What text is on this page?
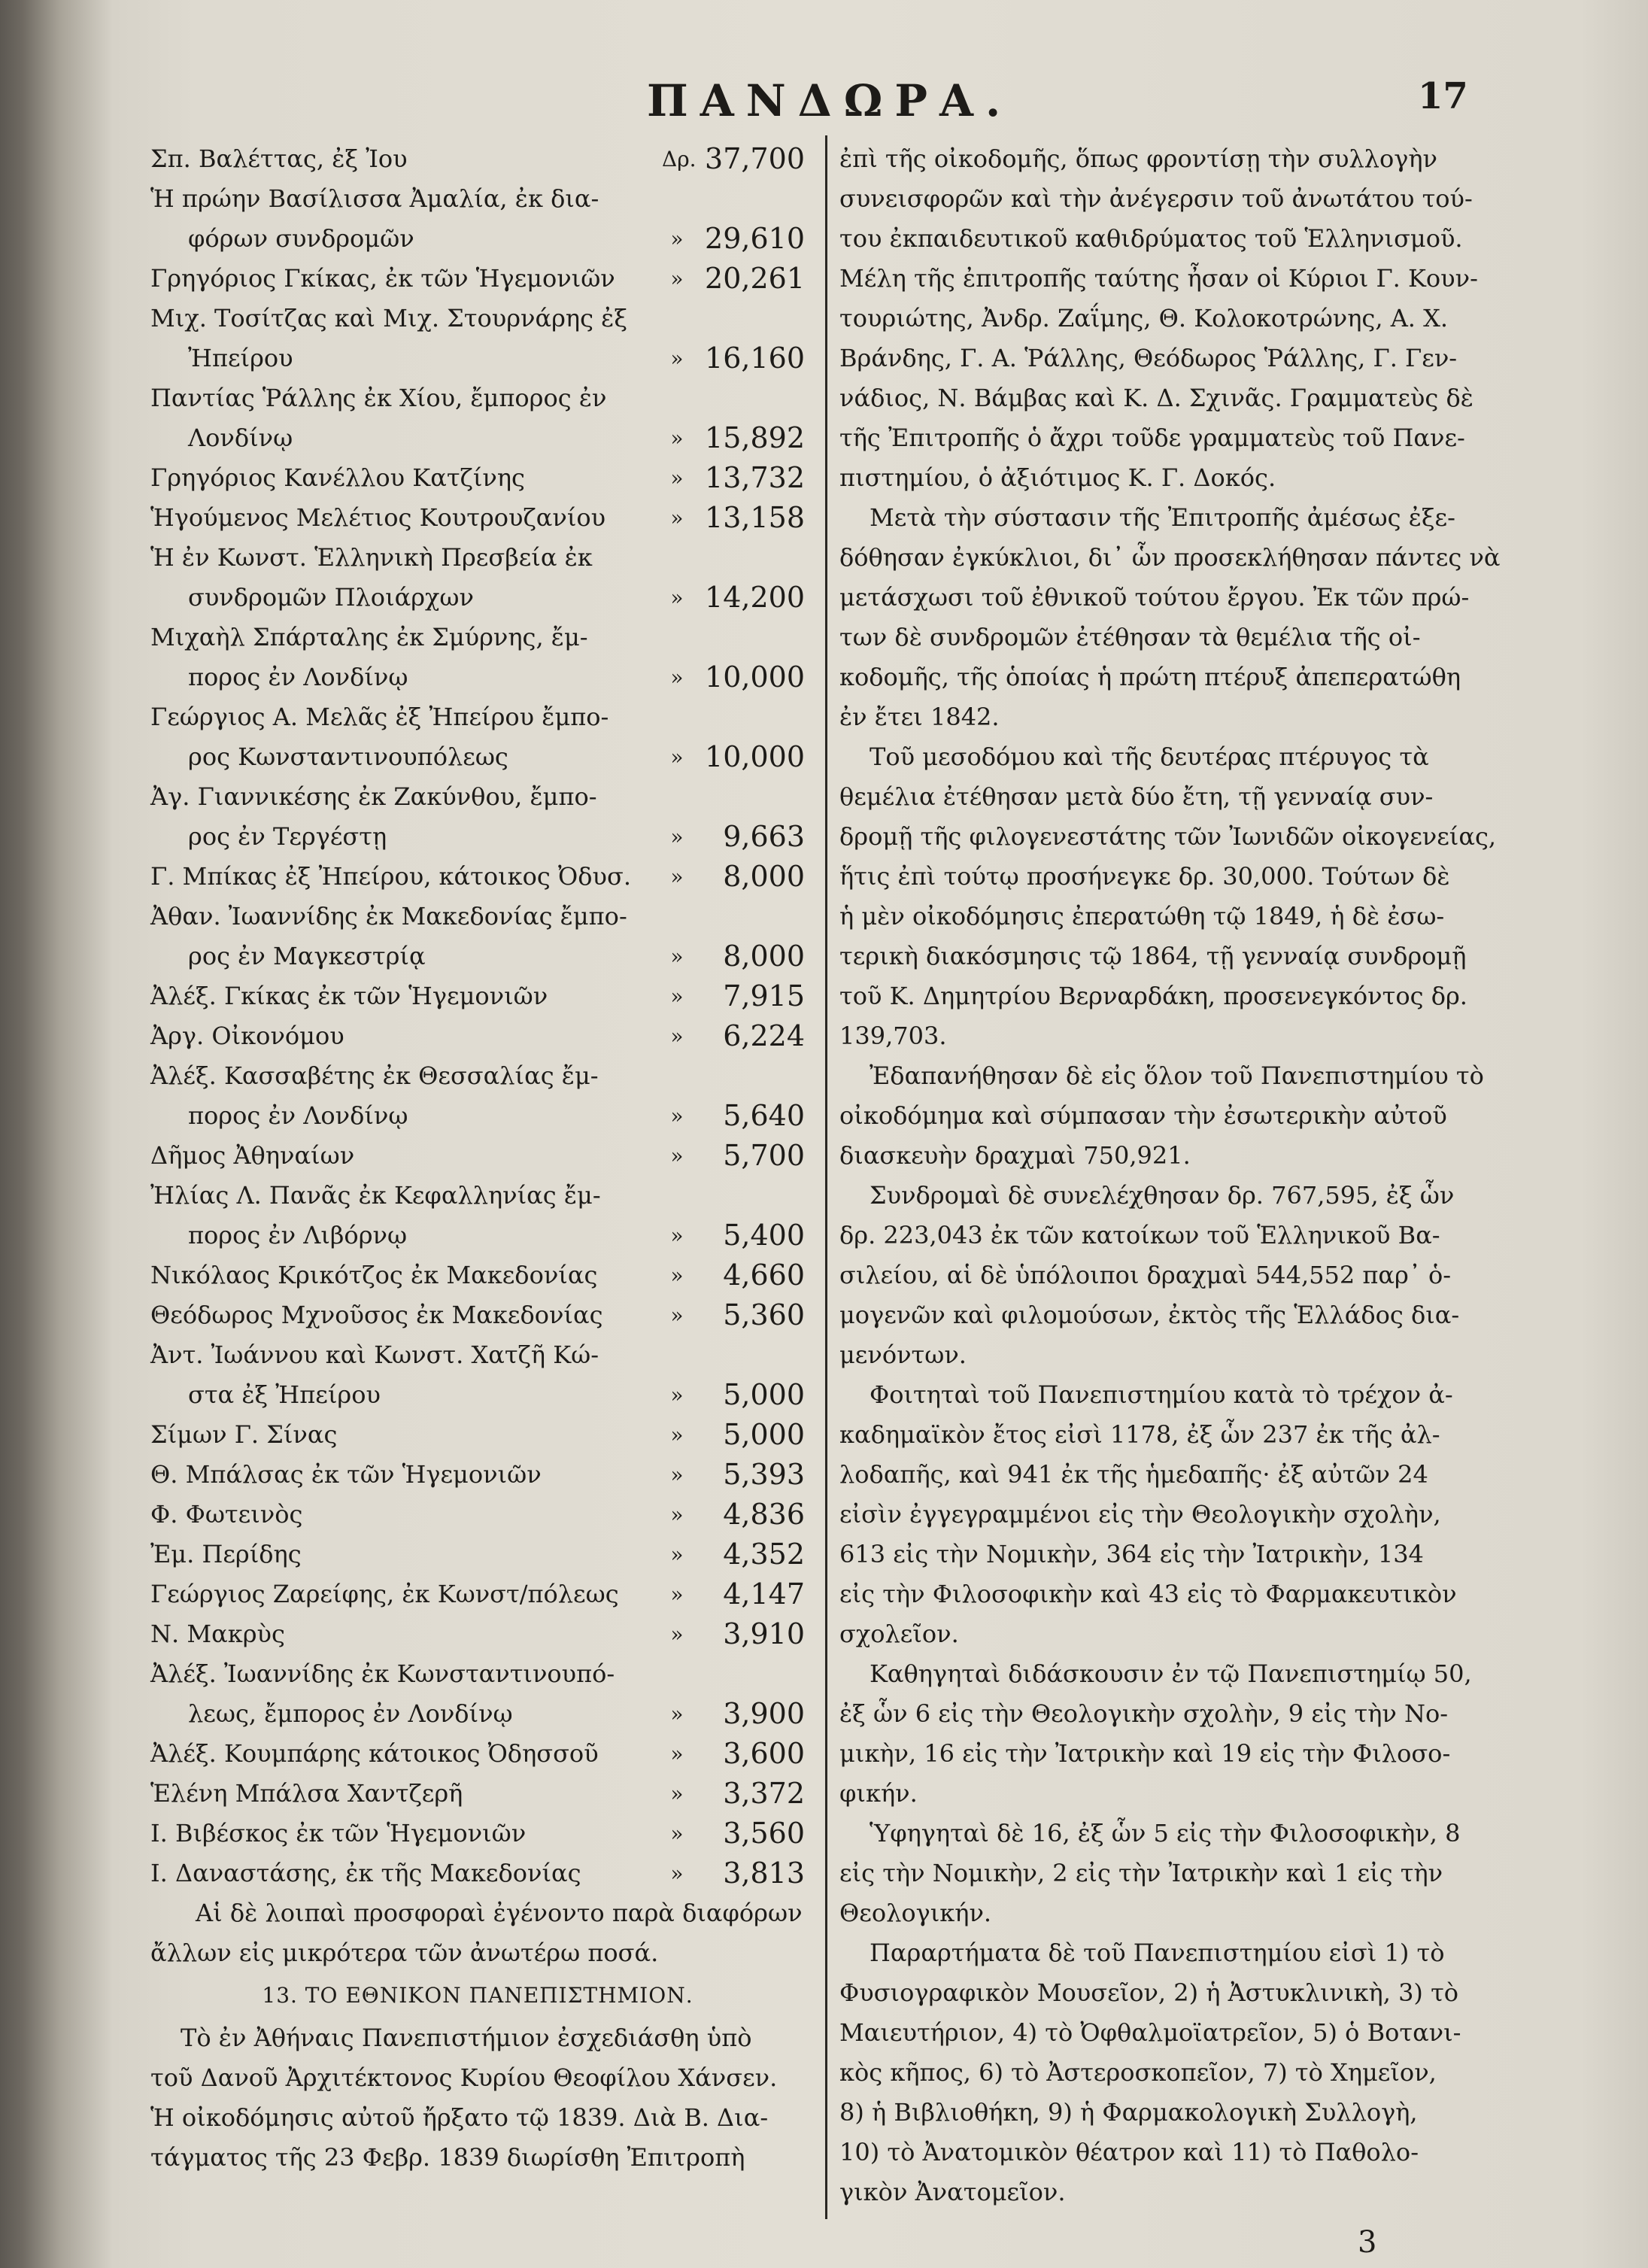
ΠΑΝΔΩΡΑ.	17
Σπ. Βαλέττας, ἐξ Ἰου	Δρ. 37,700
Ἡ πρώην Βασίλισσα Ἀμαλία, ἐκ δια-
φόρων συνδρομῶν	» 29,610
Γρηγόριος Γκίκας, ἐκ τῶν Ἡγεμονιῶν	» 20,261
Μιχ. Τοσίτζας καὶ Μιχ. Στουρνάρης ἐξ
Ἠπείρου	» 16,160
Παντίας Ῥάλλης ἐκ Χίου, ἔμπορος ἐν
Λονδίνῳ	» 15,892
Γρηγόριος Κανέλλου Κατζίνης	» 13,732
Ἡγούμενος Μελέτιος Κουτρουζανίου	» 13,158
Ἡ ἐν Κωνστ. Ἑλληνικὴ Πρεσβεία ἐκ
συνδρομῶν Πλοιάρχων	» 14,200
Μιχαὴλ Σπάρταλης ἐκ Σμύρνης, ἔμ-
πορος ἐν Λονδίνῳ	» 10,000
Γεώργιος Α. Μελᾶς ἐξ Ἠπείρου ἔμπο-
ρος Κωνσταντινουπόλεως	» 10,000
Ἀγ. Γιαννικέσης ἐκ Ζακύνθου, ἔμπο-
ρος ἐν Τεργέστῃ	»	9,663
Γ. Μπίκας ἐξ Ἠπείρου, κάτοικος Ὀδυσ.	»	8,000
Ἀθαν. Ἰωαννίδης ἐκ Μακεδονίας ἔμπο-
ρος ἐν Μαγκεστρίᾳ	»	8,000
Ἀλέξ. Γκίκας ἐκ τῶν Ἡγεμονιῶν	»	7,915
Ἀργ. Οἰκονόμου	»	6,224
Ἀλέξ. Κασσαβέτης ἐκ Θεσσαλίας ἔμ-
πορος ἐν Λονδίνῳ	»	5,640
Δῆμος Ἀθηναίων	»	5,700
Ἠλίας Λ. Πανᾶς ἐκ Κεφαλληνίας ἔμ-
πορος ἐν Λιβόρνῳ	»	5,400
Νικόλαος Κρικότζος ἐκ Μακεδονίας	»	4,660
Θεόδωρος Μχνοῦσος ἐκ Μακεδονίας	»	5,360
Ἀντ. Ἰωάννου καὶ Κωνστ. Χατζῆ Κώ-
στα ἐξ Ἠπείρου	»	5,000
Σίμων Γ. Σίνας	»	5,000
Θ. Μπάλσας ἐκ τῶν Ἡγεμονιῶν	»	5,393
Φ. Φωτεινὸς	»	4,836
Ἐμ. Περίδης	»	4,352
Γεώργιος Ζαρείφης, ἐκ Κωνστ/πόλεως	»	4,147
Ν. Μακρὺς	»	3,910
Ἀλέξ. Ἰωαννίδης ἐκ Κωνσταντινουπό-
λεως, ἔμπορος ἐν Λονδίνῳ	»	3,900
Ἀλέξ. Κουμπάρης κάτοικος Ὀδησσοῦ	»	3,600
Ἑλένη Μπάλσα Χαντζερῆ	»	3,372
Ι. Βιβέσκος ἐκ τῶν Ἡγεμονιῶν	»	3,560
Ι. Δαναστάσης, ἐκ τῆς Μακεδονίας	»	3,813
Αἱ δὲ λοιπαὶ προσφοραὶ ἐγένοντο παρὰ διαφόρων
ἄλλων εἰς μικρότερα τῶν ἀνωτέρω ποσά.
13. ΤΟ ΕΘΝΙΚΟΝ ΠΑΝΕΠΙΣΤΗΜΙΟΝ.
Τὸ ἐν Ἀθήναις Πανεπιστήμιον ἐσχεδιάσθη ὑπὸ
τοῦ Δανοῦ Ἀρχιτέκτονος Κυρίου Θεοφίλου Χάνσεν.
Ἡ οἰκοδόμησις αὐτοῦ ἤρξατο τῷ 1839. Διὰ Β. Δια-
τάγματος τῆς 23 Φεβρ. 1839 διωρίσθη Ἐπιτροπὴ
ἐπὶ τῆς οἰκοδομῆς, ὅπως φροντίσῃ τὴν συλλογὴν
συνεισφορῶν καὶ τὴν ἀνέγερσιν τοῦ ἀνωτάτου τού-
του ἐκπαιδευτικοῦ καθιδρύματος τοῦ Ἑλληνισμοῦ.
Μέλη τῆς ἐπιτροπῆς ταύτης ἦσαν οἱ Κύριοι Γ. Κουν-
τουριώτης, Ἀνδρ. Ζαΐμης, Θ. Κολοκοτρώνης, Α. Χ.
Βράνδης, Γ. Α. Ῥάλλης, Θεόδωρος Ῥάλλης, Γ. Γεν-
νάδιος, Ν. Βάμβας καὶ Κ. Δ. Σχινᾶς. Γραμματεὺς δὲ
τῆς Ἐπιτροπῆς ὁ ἄχρι τοῦδε γραμματεὺς τοῦ Πανε-
πιστημίου, ὁ ἀξιότιμος Κ. Γ. Δοκός.
Μετὰ τὴν σύστασιν τῆς Ἐπιτροπῆς ἀμέσως ἐξε-
δόθησαν ἐγκύκλιοι, δι᾽ ὧν προσεκλήθησαν πάντες νὰ
μετάσχωσι τοῦ ἐθνικοῦ τούτου ἔργου. Ἐκ τῶν πρώ-
των δὲ συνδρομῶν ἐτέθησαν τὰ θεμέλια τῆς οἰ-
κοδομῆς, τῆς ὁποίας ἡ πρώτη πτέρυξ ἀπεπερατώθη
ἐν ἔτει 1842.
Τοῦ μεσοδόμου καὶ τῆς δευτέρας πτέρυγος τὰ
θεμέλια ἐτέθησαν μετὰ δύο ἔτη, τῇ γενναίᾳ συν-
δρομῇ τῆς φιλογενεστάτης τῶν Ἰωνιδῶν οἰκογενείας,
ἥτις ἐπὶ τούτῳ προσήνεγκε δρ. 30,000. Τούτων δὲ
ἡ μὲν οἰκοδόμησις ἐπερατώθη τῷ 1849, ἡ δὲ ἐσω-
τερικὴ διακόσμησις τῷ 1864, τῇ γενναίᾳ συνδρομῇ
τοῦ Κ. Δημητρίου Βερναρδάκη, προσενεγκόντος δρ.
139,703.
Ἐδαπανήθησαν δὲ εἰς ὅλον τοῦ Πανεπιστημίου τὸ
οἰκοδόμημα καὶ σύμπασαν τὴν ἐσωτερικὴν αὐτοῦ
διασκευὴν δραχμαὶ 750,921.
Συνδρομαὶ δὲ συνελέχθησαν δρ. 767,595, ἐξ ὧν
δρ. 223,043 ἐκ τῶν κατοίκων τοῦ Ἑλληνικοῦ Βα-
σιλείου, αἱ δὲ ὑπόλοιποι δραχμαὶ 544,552 παρ᾽ ὁ-
μογενῶν καὶ φιλομούσων, ἐκτὸς τῆς Ἑλλάδος δια-
μενόντων.
Φοιτηταὶ τοῦ Πανεπιστημίου κατὰ τὸ τρέχον ἀ-
καδημαϊκὸν ἔτος εἰσὶ 1178, ἐξ ὧν 237 ἐκ τῆς ἀλ-
λοδαπῆς, καὶ 941 ἐκ τῆς ἡμεδαπῆς· ἐξ αὐτῶν 24
εἰσὶν ἐγγεγραμμένοι εἰς τὴν Θεολογικὴν σχολὴν,
613 εἰς τὴν Νομικὴν, 364 εἰς τὴν Ἰατρικὴν, 134
εἰς τὴν Φιλοσοφικὴν καὶ 43 εἰς τὸ Φαρμακευτικὸν
σχολεῖον.
Καθηγηταὶ διδάσκουσιν ἐν τῷ Πανεπιστημίῳ 50,
ἐξ ὧν 6 εἰς τὴν Θεολογικὴν σχολὴν, 9 εἰς τὴν Νο-
μικὴν, 16 εἰς τὴν Ἰατρικὴν καὶ 19 εἰς τὴν Φιλοσο-
φικήν.
Ὑφηγηταὶ δὲ 16, ἐξ ὧν 5 εἰς τὴν Φιλοσοφικὴν, 8
εἰς τὴν Νομικὴν, 2 εἰς τὴν Ἰατρικὴν καὶ 1 εἰς τὴν
Θεολογικήν.
Παραρτήματα δὲ τοῦ Πανεπιστημίου εἰσὶ 1) τὸ
Φυσιογραφικὸν Μουσεῖον, 2) ἡ Ἀστυκλινικὴ, 3) τὸ
Μαιευτήριον, 4) τὸ Ὀφθαλμοϊατρεῖον, 5) ὁ Βοτανι-
κὸς κῆπος, 6) τὸ Ἀστεροσκοπεῖον, 7) τὸ Χημεῖον,
8) ἡ Βιβλιοθήκη, 9) ἡ Φαρμακολογικὴ Συλλογὴ,
10) τὸ Ἀνατομικὸν θέατρον καὶ 11) τὸ Παθολο-
γικὸν Ἀνατομεῖον.
3
